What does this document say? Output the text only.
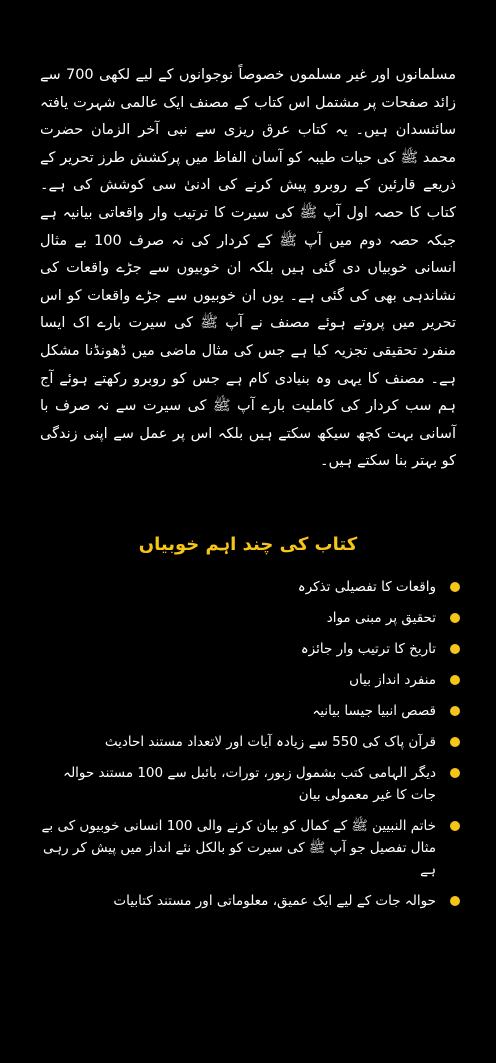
مسلمانوں اور غیر مسلموں خصوصاً نوجوانوں کے لیے لکھی 700 سے زائد صفحات پر مشتمل اس کتاب کے مصنف ایک عالمی شہرت یافتہ سائنسدان ہیں۔ یہ کتاب عرق ریزی سے نبی آخر الزمان حضرت محمد ﷺ کی حیات طیبہ کو آسان الفاظ میں پرکشش طرز تحریر کے ذریعے قارئین کے روبرو پیش کرنے کی ادنیٰ سی کوشش کی ہے۔ کتاب کا حصہ اول آپ ﷺ کی سیرت کا ترتیب وار واقعاتی بیانیہ ہے جبکہ حصہ دوم میں آپ ﷺ کے کردار کی نہ صرف 100 بے مثال انسانی خوبیاں دی گئی ہیں بلکہ ان خوبیوں سے جڑے واقعات کی نشاندہی بھی کی گئی ہے۔ یوں ان خوبیوں سے جڑے واقعات کو اس تحریر میں پروتے ہوئے مصنف نے آپ ﷺ کی سیرت بارے اک ایسا منفرد تحقیقی تجزیہ کیا ہے جس کی مثال ماضی میں ڈھونڈنا مشکل ہے۔ مصنف کا یہی وہ بنیادی کام ہے جس کو روبرو رکھتے ہوئے آج ہم سب کردار کی کاملیت بارے آپ ﷺ کی سیرت سے نہ صرف با آسانی بہت کچھ سیکھ سکتے ہیں بلکہ اس پر عمل سے اپنی زندگی کو بہتر بنا سکتے ہیں۔

کتاب کی چند اہم خوبیاں
واقعات کا تفصیلی تذکرہ
تحقیق پر مبنی مواد
تاریخ کا ترتیب وار جائزہ
منفرد انداز بیاں
قصص انبیا جیسا بیانیہ
قرآن پاک کی 550 سے زیادہ آیات اور لاتعداد مستند احادیث
دیگر الہامی کتب بشمول زبور، تورات، بائبل سے 100 مستند حوالہ جات کا غیر معمولی بیان
خاتم النبیین ﷺ کے کمال کو بیان کرنے والی 100 انسانی خوبیوں کی بے مثال تفصیل جو آپ ﷺ کی سیرت کو بالکل نئے انداز میں پیش کر رہی ہے
حوالہ جات کے لیے ایک عمیق، معلوماتی اور مستند کتابیات
